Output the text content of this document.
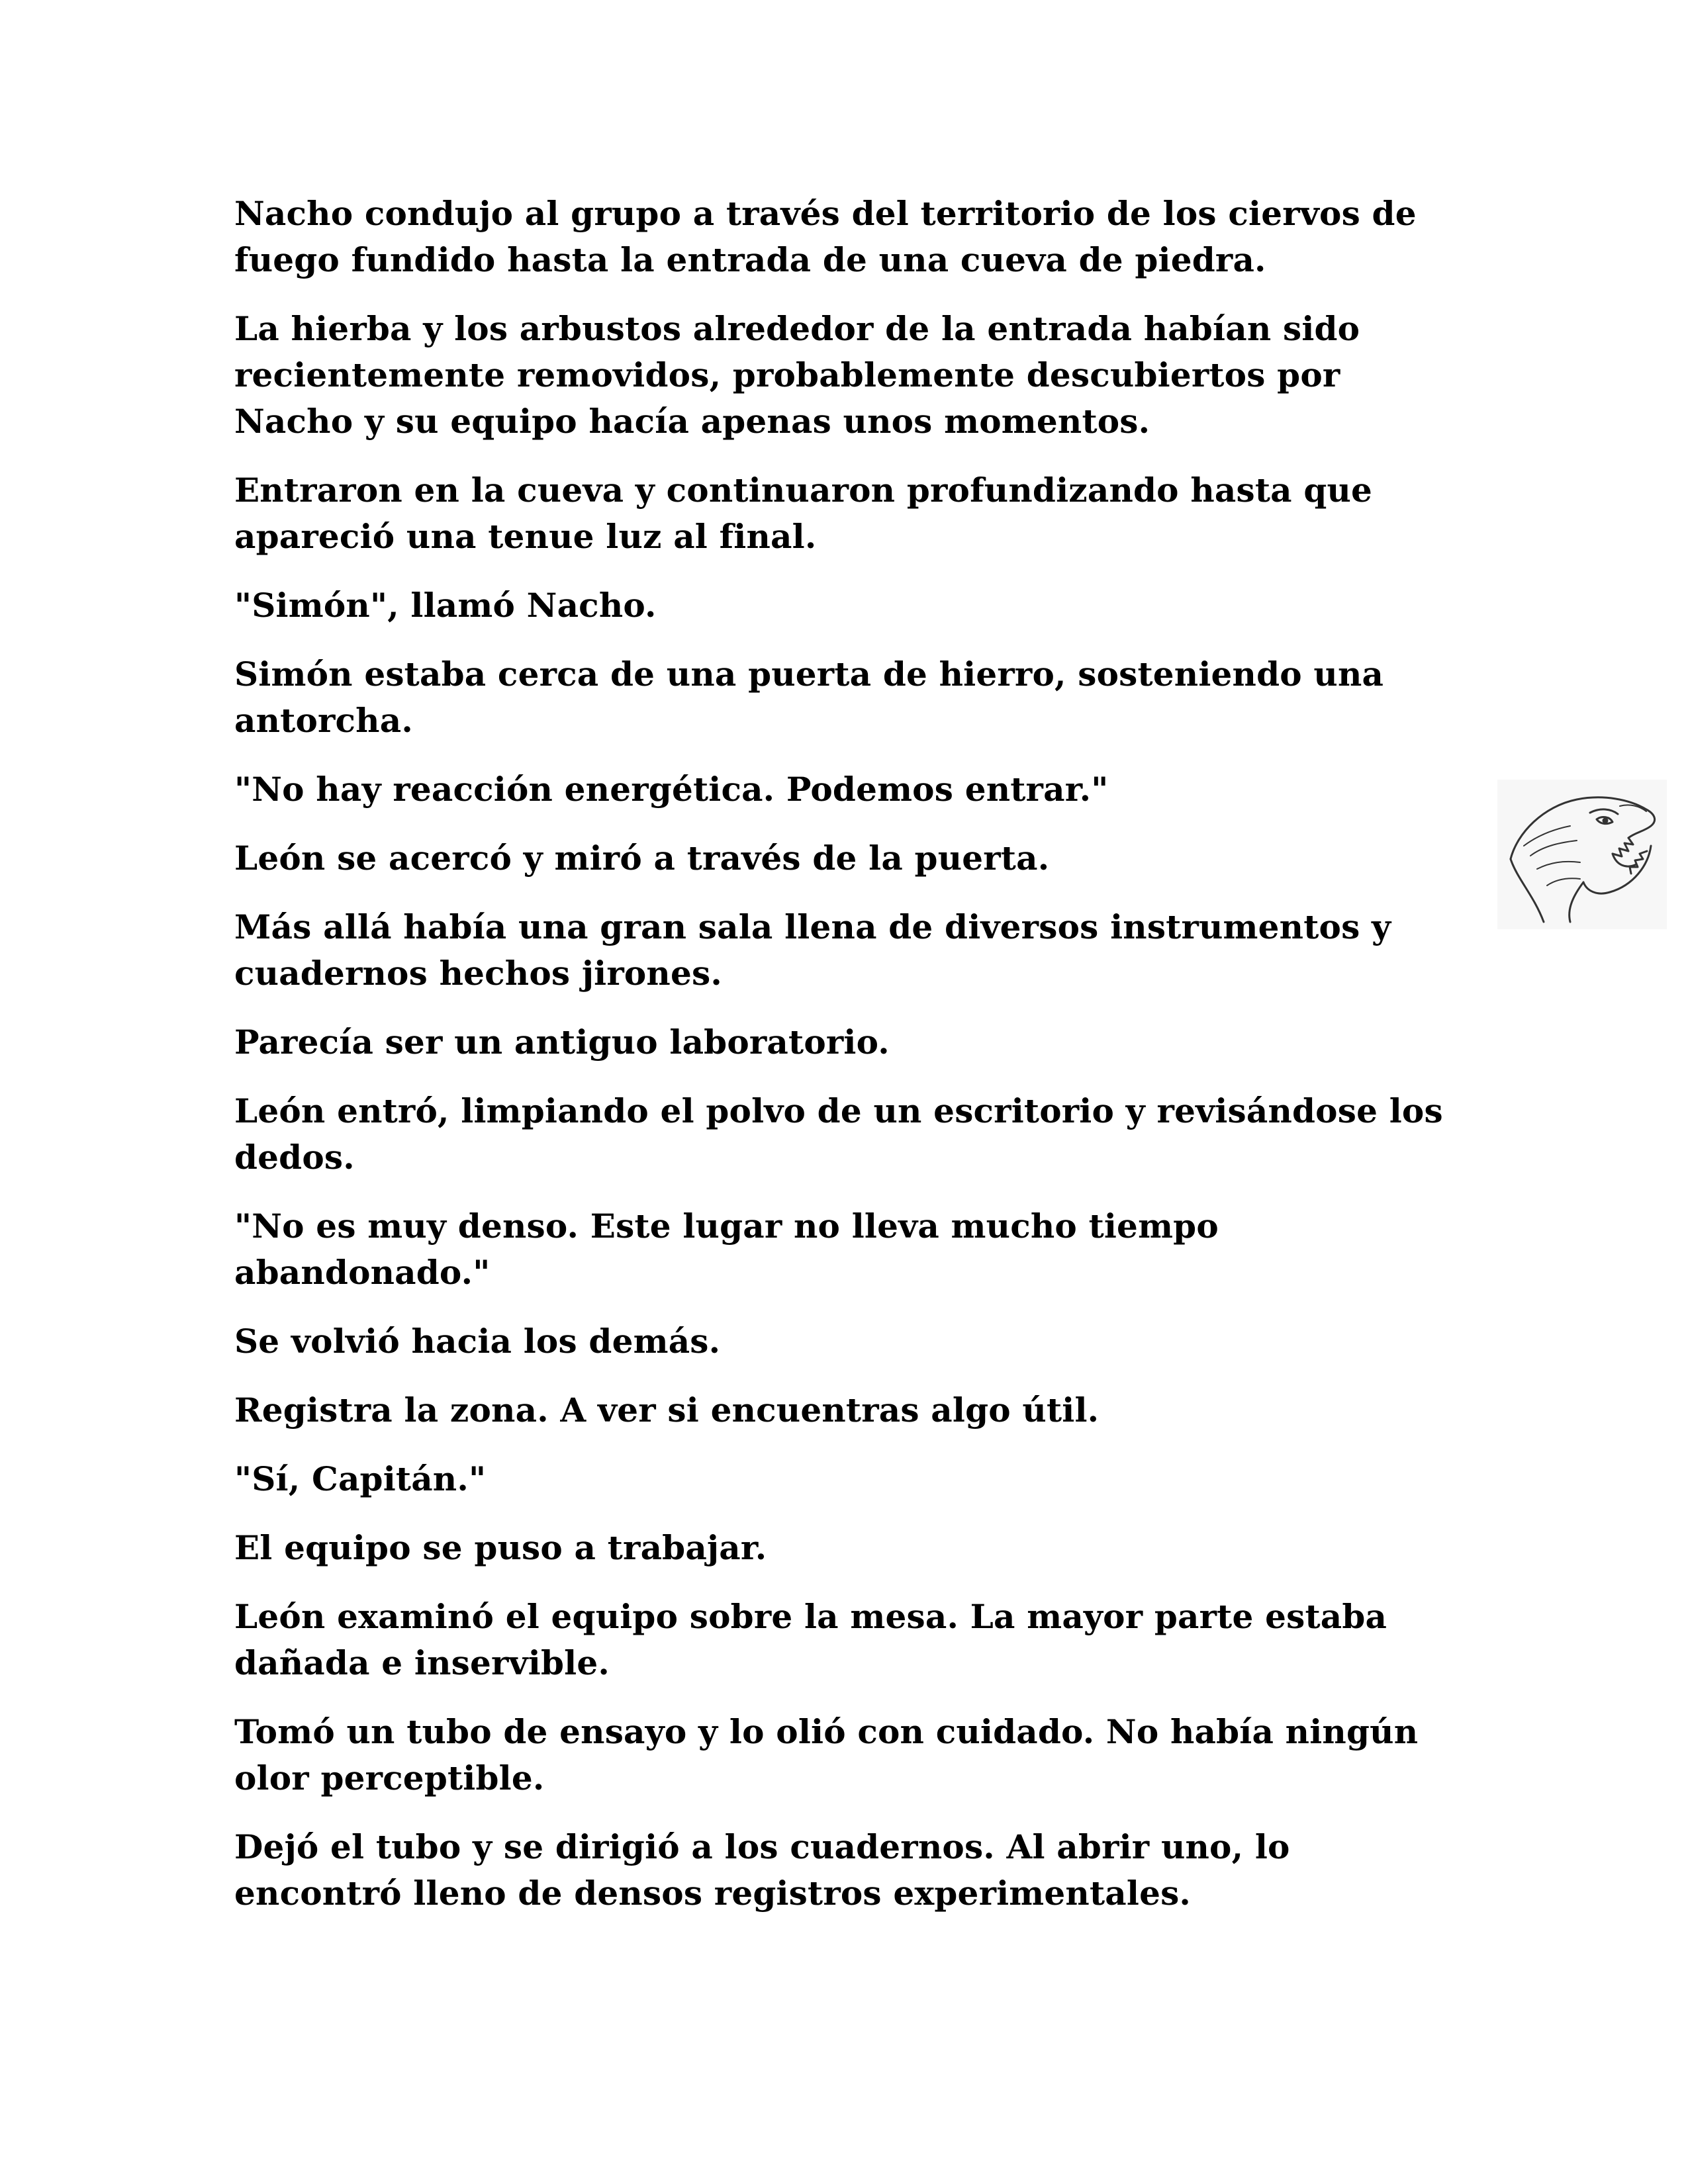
Nacho condujo al grupo a través del territorio de los ciervos de fuego fundido hasta la entrada de una cueva de piedra.

La hierba y los arbustos alrededor de la entrada habían sido recientemente removidos, probablemente descubiertos por Nacho y su equipo hacía apenas unos momentos.

Entraron en la cueva y continuaron profundizando hasta que apareció una tenue luz al final.

"Simón", llamó Nacho.

Simón estaba cerca de una puerta de hierro, sosteniendo una antorcha.

"No hay reacción energética. Podemos entrar."

León se acercó y miró a través de la puerta.

Más allá había una gran sala llena de diversos instrumentos y cuadernos hechos jirones.

Parecía ser un antiguo laboratorio.

León entró, limpiando el polvo de un escritorio y revisándose los dedos.

"No es muy denso. Este lugar no lleva mucho tiempo abandonado."

Se volvió hacia los demás.

Registra la zona. A ver si encuentras algo útil.

"Sí, Capitán."

El equipo se puso a trabajar.

León examinó el equipo sobre la mesa. La mayor parte estaba dañada e inservible.

Tomó un tubo de ensayo y lo olió con cuidado. No había ningún olor perceptible.

Dejó el tubo y se dirigió a los cuadernos. Al abrir uno, lo encontró lleno de densos registros experimentales.
